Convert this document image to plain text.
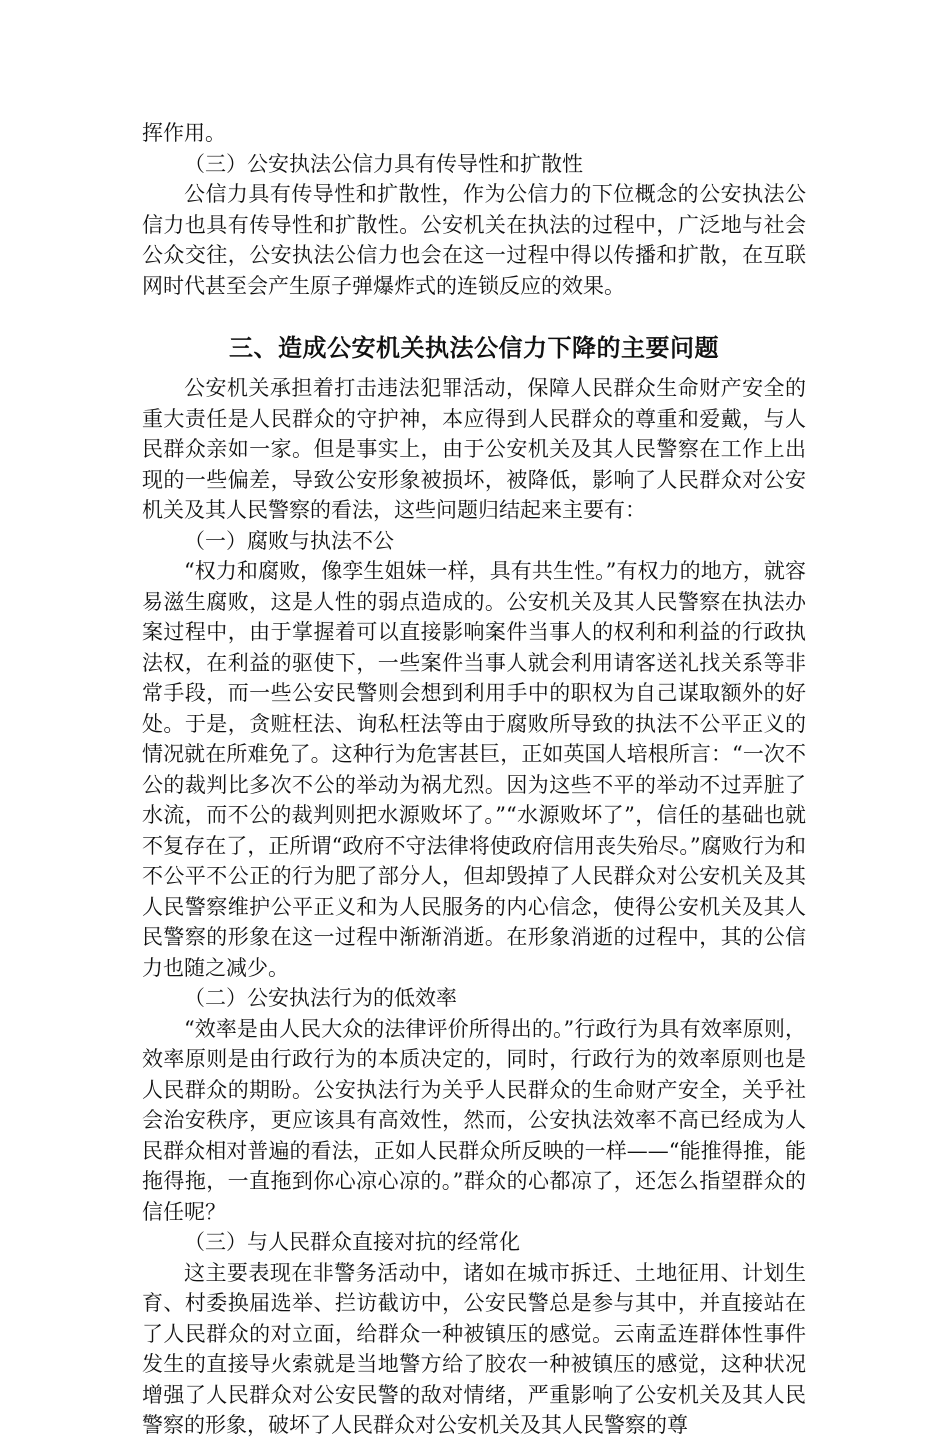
挥作用。

（三）公安执法公信力具有传导性和扩散性

公信力具有传导性和扩散性，作为公信力的下位概念的公安执法公信力也具有传导性和扩散性。公安机关在执法的过程中，广泛地与社会公众交往，公安执法公信力也会在这一过程中得以传播和扩散，在互联网时代甚至会产生原子弹爆炸式的连锁反应的效果。

三、造成公安机关执法公信力下降的主要问题

公安机关承担着打击违法犯罪活动，保障人民群众生命财产安全的重大责任是人民群众的守护神，本应得到人民群众的尊重和爱戴，与人民群众亲如一家。但是事实上，由于公安机关及其人民警察在工作上出现的一些偏差，导致公安形象被损坏，被降低，影响了人民群众对公安机关及其人民警察的看法，这些问题归结起来主要有：

（一）腐败与执法不公

“权力和腐败，像孪生姐妹一样，具有共生性。”有权力的地方，就容易滋生腐败，这是人性的弱点造成的。公安机关及其人民警察在执法办案过程中，由于掌握着可以直接影响案件当事人的权利和利益的行政执法权，在利益的驱使下，一些案件当事人就会利用请客送礼找关系等非常手段，而一些公安民警则会想到利用手中的职权为自己谋取额外的好处。于是，贪赃枉法、询私枉法等由于腐败所导致的执法不公平正义的情况就在所难免了。这种行为危害甚巨，正如英国人培根所言：“一次不公的裁判比多次不公的举动为祸尤烈。因为这些不平的举动不过弄脏了水流，而不公的裁判则把水源败坏了。”“水源败坏了”，信任的基础也就不复存在了，正所谓“政府不守法律将使政府信用丧失殆尽。”腐败行为和不公平不公正的行为肥了部分人，但却毁掉了人民群众对公安机关及其人民警察维护公平正义和为人民服务的内心信念，使得公安机关及其人民警察的形象在这一过程中渐渐消逝。在形象消逝的过程中，其的公信力也随之减少。

（二）公安执法行为的低效率

“效率是由人民大众的法律评价所得出的。”行政行为具有效率原则，效率原则是由行政行为的本质决定的，同时，行政行为的效率原则也是人民群众的期盼。公安执法行为关乎人民群众的生命财产安全，关乎社会治安秩序，更应该具有高效性，然而，公安执法效率不高已经成为人民群众相对普遍的看法，正如人民群众所反映的一样——“能推得推，能拖得拖，一直拖到你心凉心凉的。”群众的心都凉了，还怎么指望群众的信任呢？

（三）与人民群众直接对抗的经常化

这主要表现在非警务活动中，诸如在城市拆迁、土地征用、计划生育、村委换届选举、拦访截访中，公安民警总是参与其中，并直接站在了人民群众的对立面，给群众一种被镇压的感觉。云南孟连群体性事件发生的直接导火索就是当地警方给了胶农一种被镇压的感觉，这种状况增强了人民群众对公安民警的敌对情绪，严重影响了公安机关及其人民警察的形象，破坏了人民群众对公安机关及其人民警察的尊
